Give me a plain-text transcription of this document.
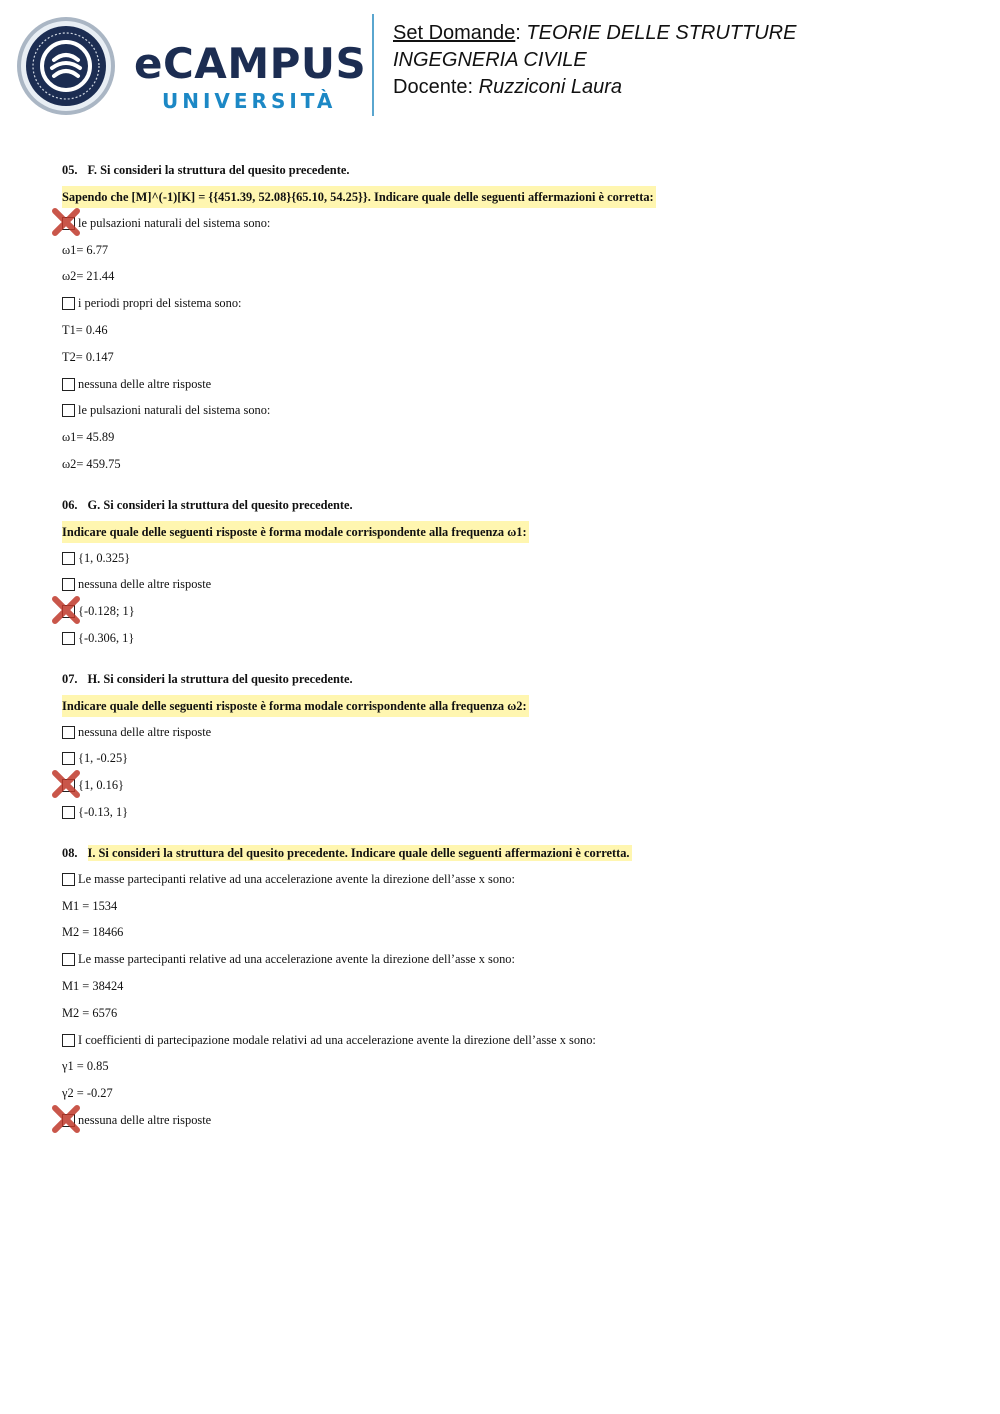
eCAMPUS
UNIVERSITÀ
Set Domande: TEORIE DELLE STRUTTURE
INGEGNERIA CIVILE
Docente: Ruzziconi Laura
05. F. Si consideri la struttura del quesito precedente.
Sapendo che [M]^(-1)[K] = {{451.39, 52.08}{65.10, 54.25}}. Indicare quale delle seguenti affermazioni è corretta:
le pulsazioni naturali del sistema sono:
ω1= 6.77
ω2= 21.44
i periodi propri del sistema sono:
T1= 0.46
T2= 0.147
nessuna delle altre risposte
le pulsazioni naturali del sistema sono:
ω1= 45.89
ω2= 459.75
06. G. Si consideri la struttura del quesito precedente.
Indicare quale delle seguenti risposte è forma modale corrispondente alla frequenza ω1:
{1, 0.325}
nessuna delle altre risposte
{-0.128; 1}
{-0.306, 1}
07. H. Si consideri la struttura del quesito precedente.
Indicare quale delle seguenti risposte è forma modale corrispondente alla frequenza ω2:
nessuna delle altre risposte
{1, -0.25}
{1, 0.16}
{-0.13, 1}
08. I. Si consideri la struttura del quesito precedente. Indicare quale delle seguenti affermazioni è corretta.
Le masse partecipanti relative ad una accelerazione avente la direzione dell’asse x sono:
M1 = 1534
M2 = 18466
Le masse partecipanti relative ad una accelerazione avente la direzione dell’asse x sono:
M1 = 38424
M2 = 6576
I coefficienti di partecipazione modale relativi ad una accelerazione avente la direzione dell’asse x sono:
γ1 = 0.85
γ2 = -0.27
nessuna delle altre risposte
